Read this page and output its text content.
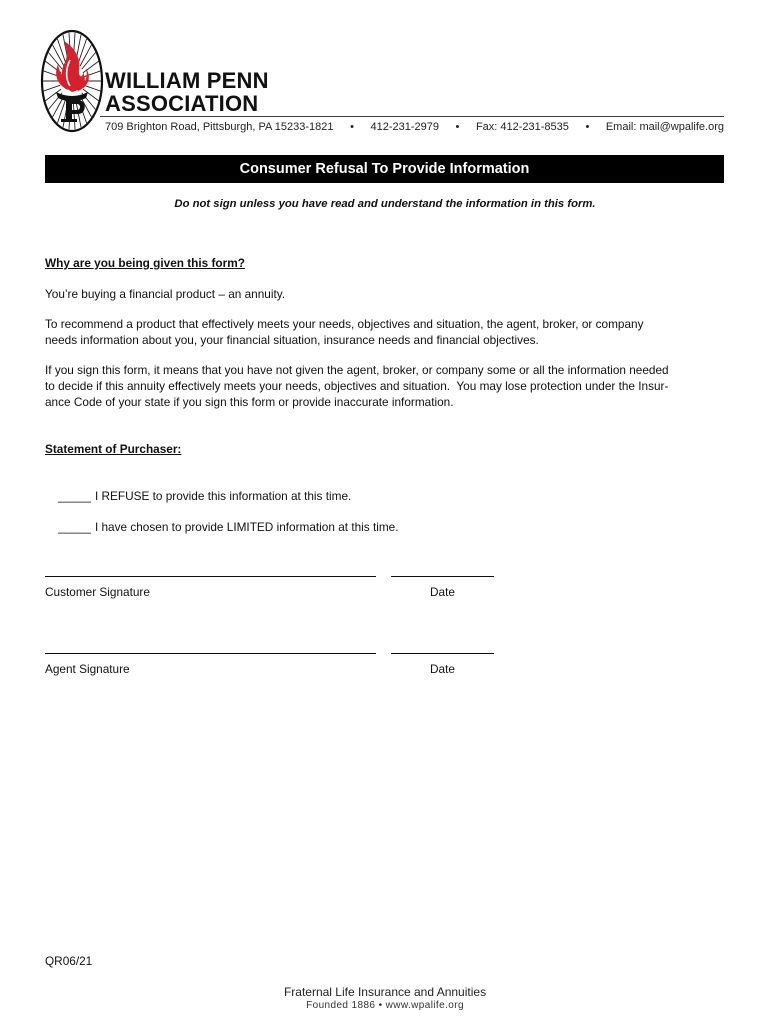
WILLIAM PENN
ASSOCIATION
709 Brighton Road, Pittsburgh, PA 15233-1821 • 412-231-2979 • Fax: 412-231-8535 • Email: mail@wpalife.org
Consumer Refusal To Provide Information
Do not sign unless you have read and understand the information in this form.
Why are you being given this form?
You’re buying a financial product – an annuity.
To recommend a product that effectively meets your needs, objectives and situation, the agent, broker, or company
needs information about you, your financial situation, insurance needs and financial objectives.
If you sign this form, it means that you have not given the agent, broker, or company some or all the information needed
to decide if this annuity effectively meets your needs, objectives and situation.  You may lose protection under the Insur-
ance Code of your state if you sign this form or provide inaccurate information.
Statement of Purchaser:

_____ I REFUSE to provide this information at this time.

_____ I have chosen to provide LIMITED information at this time.

Customer Signature	Date
Agent Signature	Date
QR06/21
Fraternal Life Insurance and Annuities
Founded 1886 • www.wpalife.org
